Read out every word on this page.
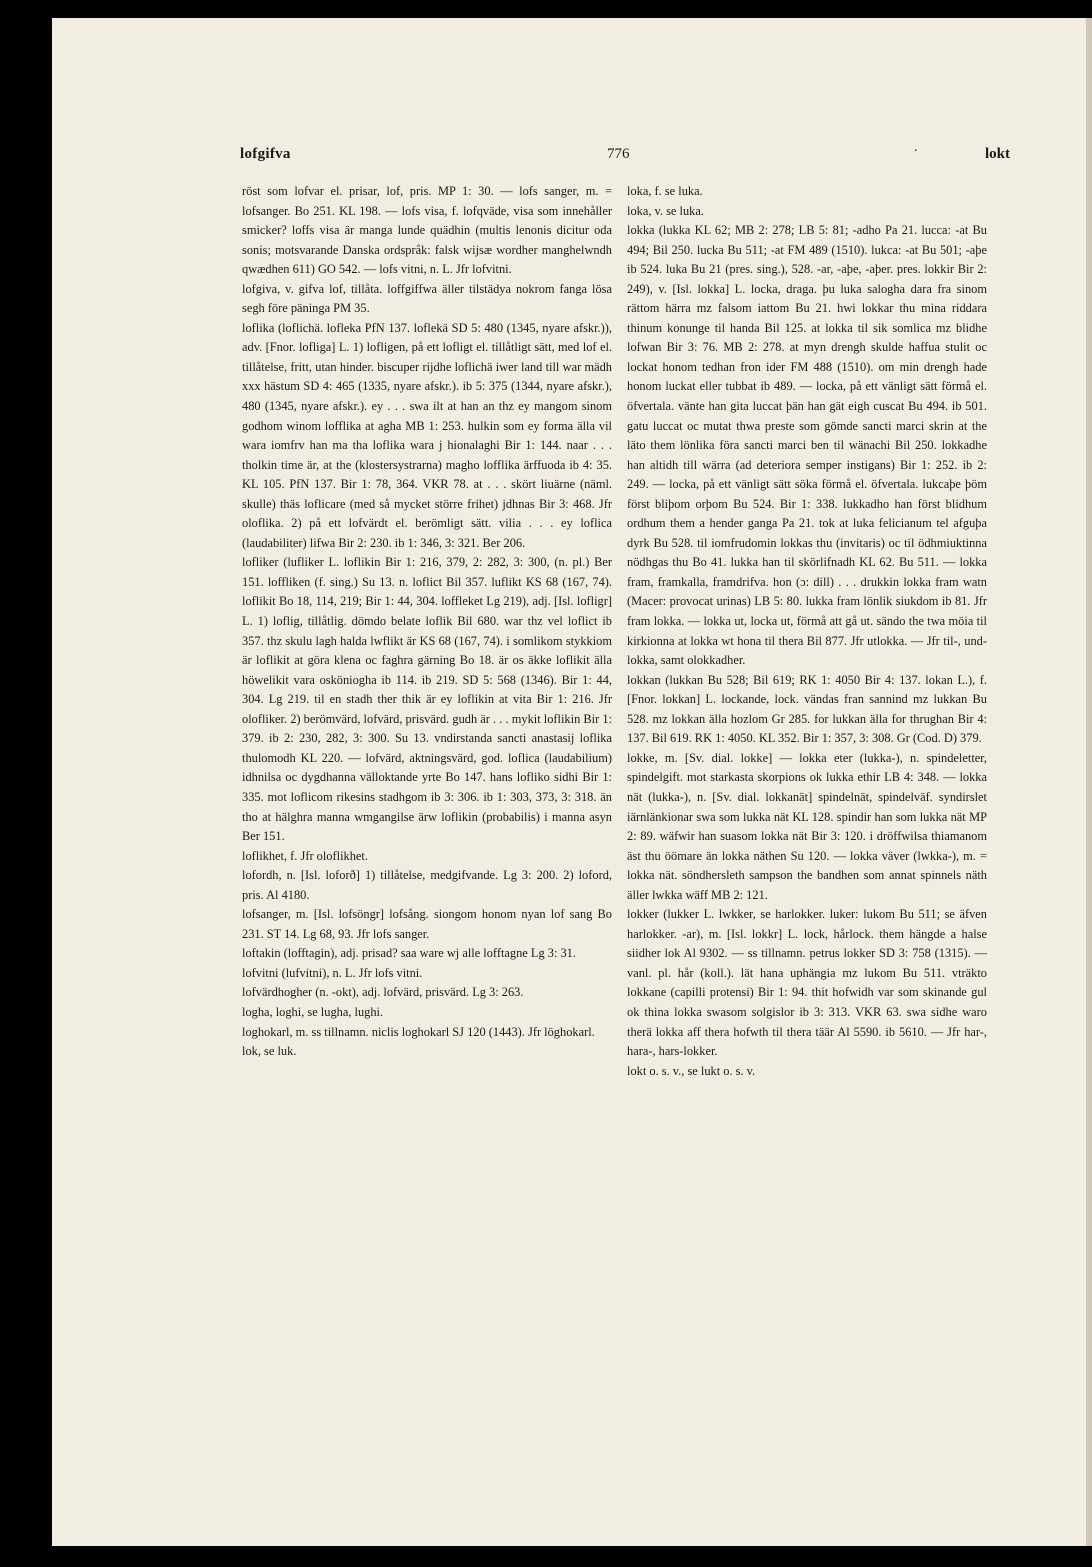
lofgifva	776	.	lokt

röst som lofvar el. prisar, lof, pris. MP 1: 30. — lofs sanger, m. = lofsanger. Bo 251. KL 198. — lofs visa, f. lofqväde, visa som innehåller smicker? loffs visa är manga lunde quädhin (multis lenonis dicitur oda sonis; motsvarande Danska ordspråk: falsk wijsæ wordher manghelwndh qwædhen 611) GO 542. — lofs vitni, n. L. Jfr lofvitni.

lofgiva, v. gifva lof, tillåta. loffgiffwa äller tilstädya nokrom fanga lösa segh före päninga PM 35.

loflika (loflichä. lofleka PfN 137. loflekä SD 5: 480 (1345, nyare afskr.)), adv. [Fnor. lofliga] L. 1) lofligen, på ett lofligt el. tillåtligt sätt, med lof el. tillåtelse, fritt, utan hinder. biscuper rijdhe loflichä iwer land till war mädh xxx hästum SD 4: 465 (1335, nyare afskr.). ib 5: 375 (1344, nyare afskr.), 480 (1345, nyare afskr.). ey . . . swa ilt at han an thz ey mangom sinom godhom winom lofflika at agha MB 1: 253. hulkin som ey forma älla vil wara iomfrv han ma tha loflika wara j hionalaghi Bir 1: 144. naar . . . tholkin time är, at the (klostersystrarna) magho lofflika ärffuoda ib 4: 35. KL 105. PfN 137. Bir 1: 78, 364. VKR 78. at . . . skört liuärne (näml. skulle) thäs loflicare (med så mycket större frihet) jdhnas Bir 3: 468. Jfr oloflika. 2) på ett lofvärdt el. berömligt sätt. vilia . . . ey loflica (laudabiliter) lifwa Bir 2: 230. ib 1: 346, 3: 321. Ber 206.

lofliker (lufliker L. loflikin Bir 1: 216, 379, 2: 282, 3: 300, (n. pl.) Ber 151. loffliken (f. sing.) Su 13. n. loflict Bil 357. luflikt KS 68 (167, 74). loflikit Bo 18, 114, 219; Bir 1: 44, 304. loffleket Lg 219), adj. [Isl. lofligr] L. 1) loflig, tillåtlig. dömdo belate loflik Bil 680. war thz vel loflict ib 357. thz skulu lagh halda lwflikt är KS 68 (167, 74). i somlikom stykkiom är loflikit at göra klena oc faghra gärning Bo 18. är os äkke loflikit älla höwelikit vara osköniogha ib 114. ib 219. SD 5: 568 (1346). Bir 1: 44, 304. Lg 219. til en stadh ther thik är ey loflikin at vita Bir 1: 216. Jfr olofliker. 2) berömvärd, lofvärd, prisvärd. gudh är . . . mykit loflikin Bir 1: 379. ib 2: 230, 282, 3: 300. Su 13. vndirstanda sancti anastasij loflika thulomodh KL 220. — lofvärd, aktningsvärd, god. loflica (laudabilium) idhnilsa oc dygdhanna välloktande yrte Bo 147. hans lofliko sidhi Bir 1: 335. mot loflicom rikesins stadhgom ib 3: 306. ib 1: 303, 373, 3: 318. än tho at hälghra manna wmgangilse ärw loflikin (probabilis) i manna asyn Ber 151.

loflikhet, f. Jfr oloflikhet.

lofordh, n. [Isl. loforð] 1) tillåtelse, medgifvande. Lg 3: 200. 2) loford, pris. Al 4180.

lofsanger, m. [Isl. lofsöngr] lofsång. siongom honom nyan lof sang Bo 231. ST 14. Lg 68, 93. Jfr lofs sanger.

loftakin (lofftagin), adj. prisad? saa ware wj alle lofftagne Lg 3: 31.

lofvitni (lufvitni), n. L. Jfr lofs vitni.

lofvärdhogher (n. -okt), adj. lofvärd, prisvärd. Lg 3: 263.

logha, loghi, se lugha, lughi.

loghokarl, m. ss tillnamn. niclis loghokarl SJ 120 (1443). Jfr löghokarl.

lok, se luk.

loka, f. se luka.

loka, v. se luka.

lokka (lukka KL 62; MB 2: 278; LB 5: 81; -adho Pa 21. lucca: -at Bu 494; Bil 250. lucka Bu 511; -at FM 489 (1510). lukca: -at Bu 501; -aþe ib 524. luka Bu 21 (pres. sing.), 528. -ar, -aþe, -aþer. pres. lokkir Bir 2: 249), v. [Isl. lokka] L. locka, draga. þu luka salogha dara fra sinom rättom härra mz falsom iattom Bu 21. hwi lokkar thu mina riddara thinum konunge til handa Bil 125. at lokka til sik somlica mz blidhe lofwan Bir 3: 76. MB 2: 278. at myn drengh skulde haffua stulit oc lockat honom tedhan fron ider FM 488 (1510). om min drengh hade honom luckat eller tubbat ib 489. — locka, på ett vänligt sätt förmå el. öfvertala. vänte han gita luccat þän han gät eigh cuscat Bu 494. ib 501. gatu luccat oc mutat thwa preste som gömde sancti marci skrin at the läto them lönlika föra sancti marci ben til wänachi Bil 250. lokkadhe han altidh till wärra (ad deteriora semper instigans) Bir 1: 252. ib 2: 249. — locka, på ett vänligt sätt söka förmå el. öfvertala. lukcaþe þöm först bliþom orþom Bu 524. Bir 1: 338. lukkadho han först blidhum ordhum them a hender ganga Pa 21. tok at luka felicianum tel afguþa dyrk Bu 528. til iomfrudomin lokkas thu (invitaris) oc til ödhmiuktinna nödhgas thu Bo 41. lukka han til skörlifnadh KL 62. Bu 511. — lokka fram, framkalla, framdrifva. hon (ɔ: dill) . . . drukkin lokka fram watn (Macer: provocat urinas) LB 5: 80. lukka fram lönlik siukdom ib 81. Jfr fram lokka. — lokka ut, locka ut, förmå att gå ut. sändo the twa möia til kirkionna at lokka wt hona til thera Bil 877. Jfr utlokka. — Jfr til-, und-lokka, samt olokkadher.

lokkan (lukkan Bu 528; Bil 619; RK 1: 4050 Bir 4: 137. lokan L.), f. [Fnor. lokkan] L. lockande, lock. vändas fran sannind mz lukkan Bu 528. mz lokkan älla hozlom Gr 285. for lukkan älla for thrughan Bir 4: 137. Bil 619. RK 1: 4050. KL 352. Bir 1: 357, 3: 308. Gr (Cod. D) 379.

lokke, m. [Sv. dial. lokke] — lokka eter (lukka-), n. spindeletter, spindelgift. mot starkasta skorpions ok lukka ethir LB 4: 348. — lokka nät (lukka-), n. [Sv. dial. lokkanät] spindelnät, spindelväf. syndirslet iärnlänkionar swa som lukka nät KL 128. spindir han som lukka nät MP 2: 89. wäfwir han suasom lokka nät Bir 3: 120. i dröffwilsa thiamanom äst thu öömare än lokka näthen Su 120. — lokka väver (lwkka-), m. = lokka nät. söndhersleth sampson the bandhen som annat spinnels näth äller lwkka wäff MB 2: 121.

lokker (lukker L. lwkker, se harlokker. luker: lukom Bu 511; se äfven harlokker. -ar), m. [Isl. lokkr] L. lock, hårlock. them hängde a halse siidher lok Al 9302. — ss tillnamn. petrus lokker SD 3: 758 (1315). — vanl. pl. hår (koll.). lät hana uphängia mz lukom Bu 511. vträkto lokkane (capilli protensi) Bir 1: 94. thit hofwidh var som skinande gul ok thina lokka swasom solgislor ib 3: 313. VKR 63. swa sidhe waro therä lokka aff thera hofwth til thera täär Al 5590. ib 5610. — Jfr har-, hara-, hars-lokker.

lokt o. s. v., se lukt o. s. v.
